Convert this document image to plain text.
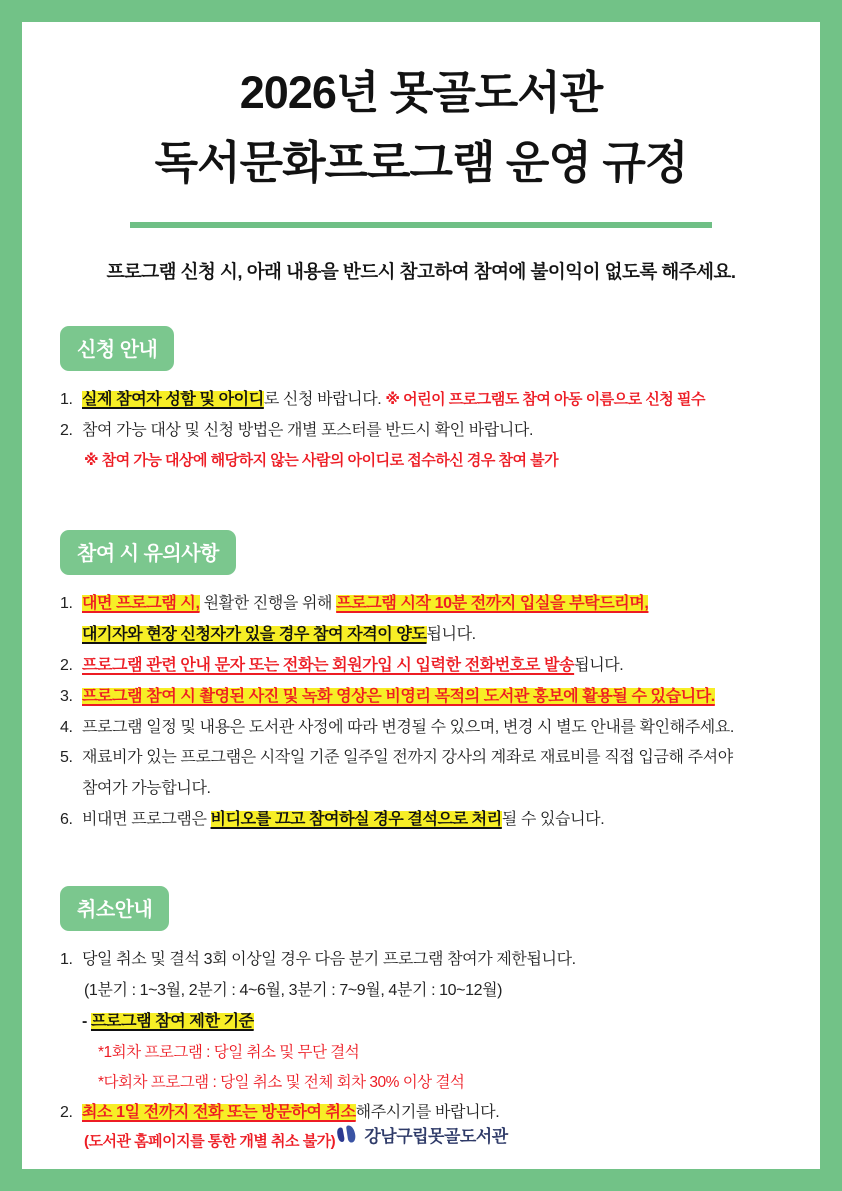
2026년 못골도서관
독서문화프로그램 운영 규정
프로그램 신청 시, 아래 내용을 반드시 참고하여 참여에 불이익이 없도록 해주세요.
신청 안내
1. 실제 참여자 성함 및 아이디로 신청 바랍니다. ※ 어린이 프로그램도 참여 아동 이름으로 신청 필수
2. 참여 가능 대상 및 신청 방법은 개별 포스터를 반드시 확인 바랍니다.
※ 참여 가능 대상에 해당하지 않는 사람의 아이디로 접수하신 경우 참여 불가
참여 시 유의사항
1. 대면 프로그램 시, 원활한 진행을 위해 프로그램 시작 10분 전까지 입실을 부탁드리며,
대기자와 현장 신청자가 있을 경우 참여 자격이 양도됩니다.
2. 프로그램 관련 안내 문자 또는 전화는 회원가입 시 입력한 전화번호로 발송됩니다.
3. 프로그램 참여 시 촬영된 사진 및 녹화 영상은 비영리 목적의 도서관 홍보에 활용될 수 있습니다.
4. 프로그램 일정 및 내용은 도서관 사정에 따라 변경될 수 있으며, 변경 시 별도 안내를 확인해주세요.
5. 재료비가 있는 프로그램은 시작일 기준 일주일 전까지 강사의 계좌로 재료비를 직접 입금해 주셔야
참여가 가능합니다.
6. 비대면 프로그램은 비디오를 끄고 참여하실 경우 결석으로 처리될 수 있습니다.
취소안내
1. 당일 취소 및 결석 3회 이상일 경우 다음 분기 프로그램 참여가 제한됩니다.
(1분기 : 1~3월, 2분기 : 4~6월, 3분기 : 7~9월, 4분기 : 10~12월)
- 프로그램 참여 제한 기준
*1회차 프로그램 : 당일 취소 및 무단 결석
*다회차 프로그램 : 당일 취소 및 전체 회차 30% 이상 결석
2. 최소 1일 전까지 전화 또는 방문하여 취소해주시기를 바랍니다.
(도서관 홈페이지를 통한 개별 취소 불가)	강남구립못골도서관
